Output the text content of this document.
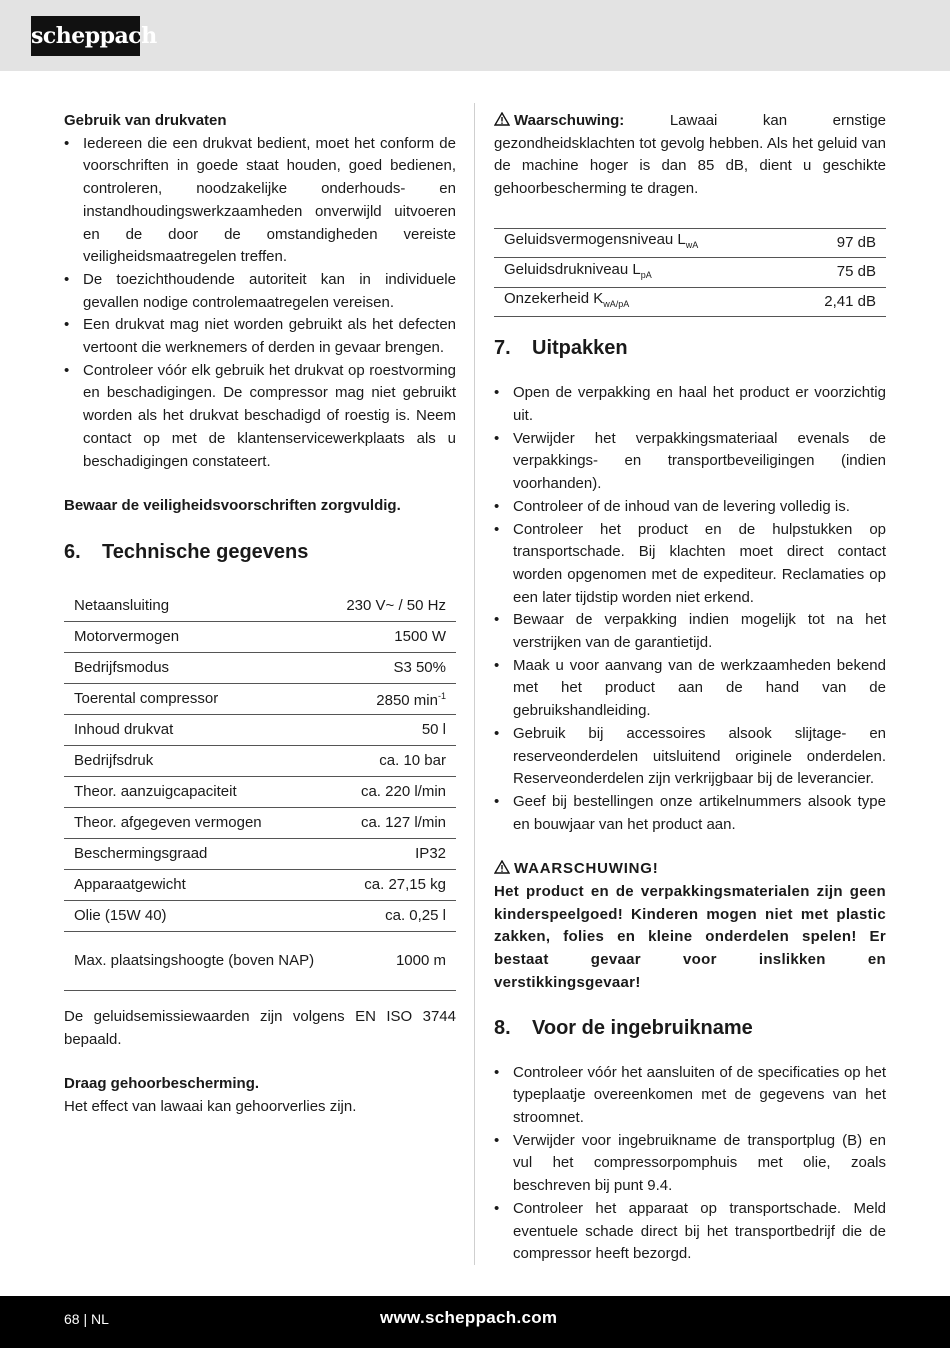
scheppach

Gebruik van drukvaten

• Iedereen die een drukvat bedient, moet het conform de voorschriften in goede staat houden, goed bedienen, controleren, noodzakelijke onderhouds- en instandhoudingswerkzaamheden onverwijld uitvoeren en de door de omstandigheden vereiste veiligheidsmaatregelen treffen.
• De toezichthoudende autoriteit kan in individuele gevallen nodige controlemaatregelen vereisen.
• Een drukvat mag niet worden gebruikt als het defecten vertoont die werknemers of derden in gevaar brengen.
• Controleer vóór elk gebruik het drukvat op roestvorming en beschadigingen. De compressor mag niet gebruikt worden als het drukvat beschadigd of roestig is. Neem contact op met de klantenservicewerkplaats als u beschadigingen constateert.

Bewaar de veiligheidsvoorschriften zorgvuldig.

6. Technische gegevens
Netaansluiting	230 V~ / 50 Hz
Motorvermogen	1500 W
Bedrijfsmodus	S3 50%
Toerental compressor	2850 $\min^{-1}$
Inhoud drukvat	50 l
Bedrijfsdruk	ca. 10 bar
Theor. aanzuigcapaciteit	ca. 220 l/min
Theor. afgegeven vermogen	ca. 127 l/min
Beschermingsgraad	IP32
Apparaatgewicht	ca. 27,15 kg
Olie (15W 40)	ca. 0,25 l
Max. plaatsingshoogte (boven NAP)	1000 m

De geluidsemissiewaarden zijn volgens EN ISO 3744 bepaald.

Draag gehoorbescherming.

Het effect van lawaai kan gehoorverlies zijn.

Waarschuwing:	Lawaai kan ernstige gezondheidsklachten tot gevolg hebben. Als het geluid van de machine hoger is dan 85 dB, dient u geschikte gehoorbescherming te dragen.

Geluidsvermogensniveau $L_{wA}$	97 dB
Geluidsdrukniveau $L_{pA}$	75 dB
Onzekerheid $K_{wA/pA}$	2,41 dB
7. Uitpakken
• Open de verpakking en haal het product er voorzichtig uit.
• Verwijder het verpakkingsmateriaal evenals de verpakkings- en transportbeveiligingen (indien voorhanden).
• Controleer of de inhoud van de levering volledig is.
• Controleer het product en de hulpstukken op transportschade. Bij klachten moet direct contact worden opgenomen met de expediteur. Reclamaties op een later tijdstip worden niet erkend.
• Bewaar de verpakking indien mogelijk tot na het verstrijken van de garantietijd.
• Maak u voor aanvang van de werkzaamheden bekend met het product aan de hand van de gebruikshandleiding.
• Gebruik bij accessoires alsook slijtage- en reserveonderdelen uitsluitend originele onderdelen. Reserveonderdelen zijn verkrijgbaar bij de leverancier.
• Geef bij bestellingen onze artikelnummers alsook type en bouwjaar van het product aan.

WAARSCHUWING!

Het product en de verpakkingsmaterialen zijn geen kinderspeelgoed! Kinderen mogen niet met plastic zakken, folies en kleine onderdelen spelen! Er bestaat gevaar voor inslikken en verstikkingsgevaar!

8. Voor de ingebruikname
• Controleer vóór het aansluiten of de specificaties op het typeplaatje overeenkomen met de gegevens van het stroomnet.
• Verwijder voor ingebruikname de transportplug (B) en vul het compressorpomphuis met olie, zoals beschreven bij punt 9.4.
• Controleer het apparaat op transportschade. Meld eventuele schade direct bij het transportbedrijf die de compressor heeft bezorgd.
68 | NL	www.scheppach.com
